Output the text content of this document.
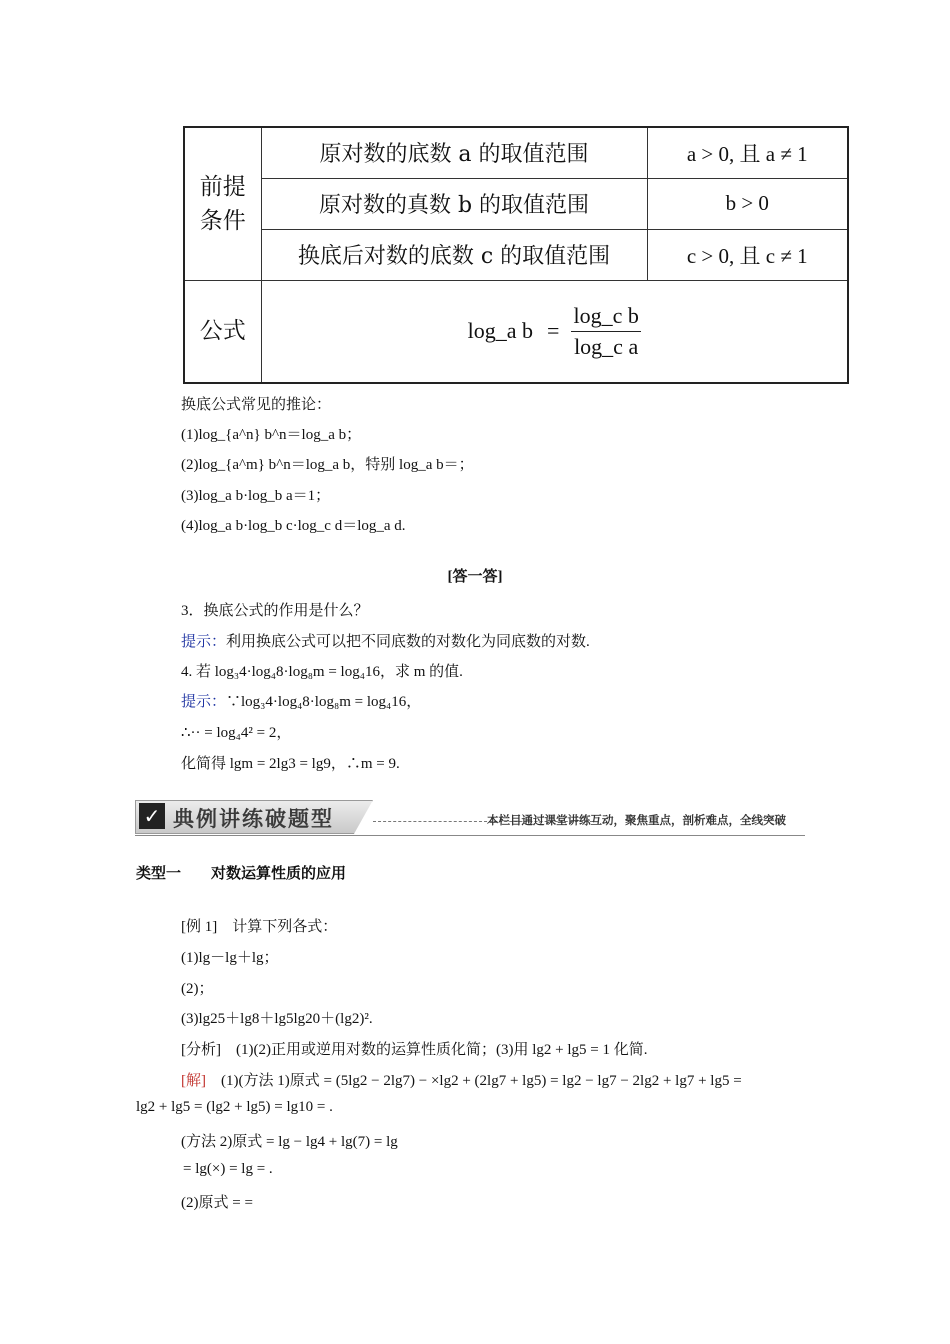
前提
条件	原对数的底数 a 的取值范围	a > 0, 且 a ≠ 1
	原对数的真数 b 的取值范围	b > 0
	换底后对数的底数 c 的取值范围	c > 0, 且 c ≠ 1
公式	log_a $b = \frac{\text{log\_c b}}{\text{log\_c a}}$
换底公式常见的推论：
(1)log_{a^n} b^n＝log_a b；
(2)log_{a^m} b^n＝log_a b，特别 log_a b＝；
(3)log_a b·log_b a＝1；
(4)log_a b·log_b c·log_c d＝log_a d.
[答一答]
3．换底公式的作用是什么？
提示：利用换底公式可以把不同底数的对数化为同底数的对数.
4. 若 log₃4·log₄8·log₈m = log₄16，求 m 的值.
提示：∵log₃4·log₄8·log₈m = log₄16，
∴·· = log₄4² = 2，
化简得 lgm = 2lg3 = lg9，∴m = 9.
✓ 典例讲练破题型	本栏目通过课堂讲练互动，聚焦重点，剖析难点，全线突破
类型一 对数运算性质的应用
[例 1]　计算下列各式：
(1)lg－lg＋lg；
(2)；
(3)lg25＋lg8＋lg5lg20＋(lg2)².
[分析]　 (1)(2)正用或逆用对数的运算性质化简；(3)用 lg2 + lg5 = 1 化简.
[解]　 (1)(方法 1)原式 = (5lg2 − 2lg7) − ×lg2 + (2lg7 + lg5) = lg2 − lg7 − 2lg2 + lg7 + lg5 =
lg2 + lg5 = (lg2 + lg5) = lg10 = .
(方法 2)原式 = lg − lg4 + lg(7) = lg
= lg(×) = lg = .
(2)原式 = =
